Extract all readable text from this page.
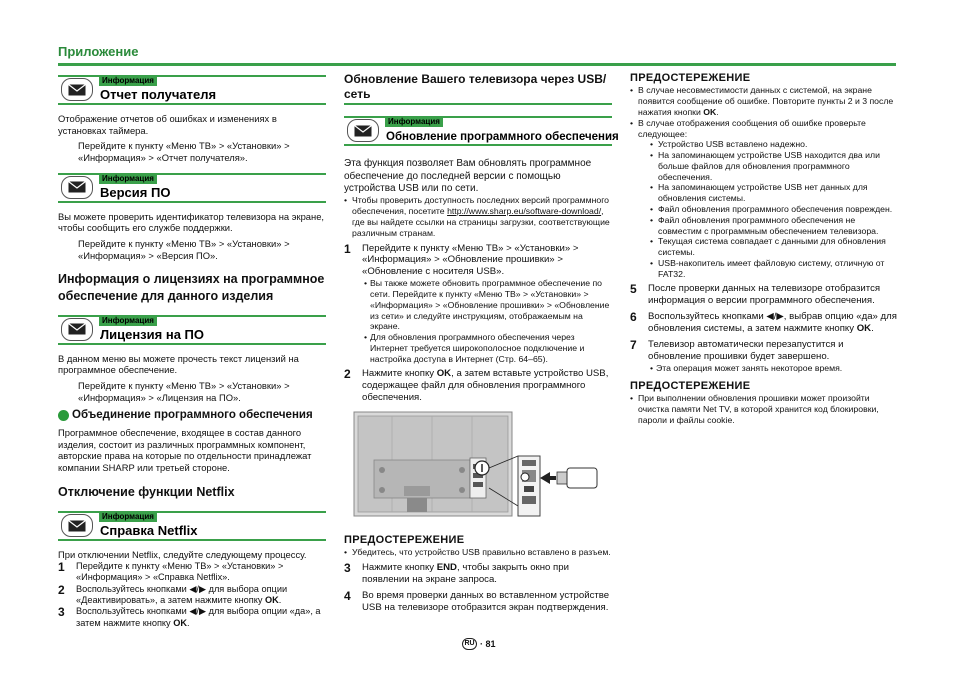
Приложение
Информация
Отчет получателя

Отображение отчетов об ошибках и изменениях в установках таймера.

Перейдите к пункту «Меню ТВ» > «Установки» > «Информация» > «Отчет получателя».

Информация
Версия ПО

Вы можете проверить идентификатор телевизора на экране, чтобы сообщить его службе поддержки.

Перейдите к пункту «Меню ТВ» > «Установки» > «Информация» > «Версия ПО».

Информация о лицензиях на программное обеспечение для данного изделия

Информация
Лицензия на ПО

В данном меню вы можете прочесть текст лицензий на программное обеспечение.

Перейдите к пункту «Меню ТВ» > «Установки» > «Информация» > «Лицензия на ПО».

Объединение программного обеспечения

Программное обеспечение, входящее в состав данного изделия, состоит из различных программных компонент, авторские права на которые по отдельности принадлежат компании SHARP или третьей стороне.

Отключение функции Netflix

Информация
Справка Netflix

При отключении Netflix, следуйте следующему процессу.

1 Перейдите к пункту «Меню ТВ» > «Установки» > «Информация» > «Справка Netflix».
2 Воспользуйтесь кнопками ◀/▶ для выбора опции «Деактивировать», а затем нажмите кнопку OK.
3 Воспользуйтесь кнопками ◀/▶ для выбора опции «да», а затем нажмите кнопку OK.

Обновление Вашего телевизора через USB/сеть

Информация
Обновление программного обеспечения

Эта функция позволяет Вам обновлять программное обеспечение до последней версии с помощью устройства USB или по сети.

• Чтобы проверить доступность последних версий программного обеспечения, посетите http://www.sharp.eu/software-download/, где вы найдете ссылки на страницы загрузки, соответствующие различным странам.
1 Перейдите к пункту «Меню ТВ» > «Установки» > «Информация» > «Обновление прошивки» > «Обновление с носителя USB».
• Вы также можете обновить программное обеспечение по сети. Перейдите к пункту «Меню ТВ» > «Установки» > «Информация» > «Обновление прошивки» > «Обновление из сети» и следуйте инструкциям, отображаемым на экране.
• Для обновления программного обеспечения через Интернет требуется широкополосное подключение и настройка доступа в Интернет (Стр. 64–65).
2 Нажмите кнопку OK, а затем вставьте устройство USB, содержащее файл для обновления программного обеспечения.

ПРЕДОСТЕРЕЖЕНИЕ

• Убедитесь, что устройство USB правильно вставлено в разъем.
3 Нажмите кнопку END, чтобы закрыть окно при появлении на экране запроса.
4 Во время проверки данных во вставленном устройстве USB на телевизоре отобразится экран подтверждения.

ПРЕДОСТЕРЕЖЕНИЕ

• В случае несовместимости данных с системой, на экране появится сообщение об ошибке. Повторите пункты 2 и 3 после нажатия кнопки OK.
• В случае отображения сообщения об ошибке проверьте следующее:
• Устройство USB вставлено надежно.
• На запоминающем устройстве USB находится два или больше файлов для обновления программного обеспечения.
• На запоминающем устройстве USB нет данных для обновления системы.
• Файл обновления программного обеспечения поврежден.
• Файл обновления программного обеспечения не совместим с программным обеспечением телевизора.
• Текущая система совпадает с данными для обновления системы.
• USB-накопитель имеет файловую систему, отличную от FAT32.
5 После проверки данных на телевизоре отобразится информация о версии программного обеспечения.
6 Воспользуйтесь кнопками ◀/▶, выбрав опцию «да» для обновления системы, а затем нажмите кнопку OK.
7 Телевизор автоматически перезапустится и обновление прошивки будет завершено.
• Эта операция может занять некоторое время.

ПРЕДОСТЕРЕЖЕНИЕ

• При выполнении обновления прошивки может произойти очистка памяти Net TV, в которой хранится код блокировки, пароли и файлы cookie.
RU · 81
